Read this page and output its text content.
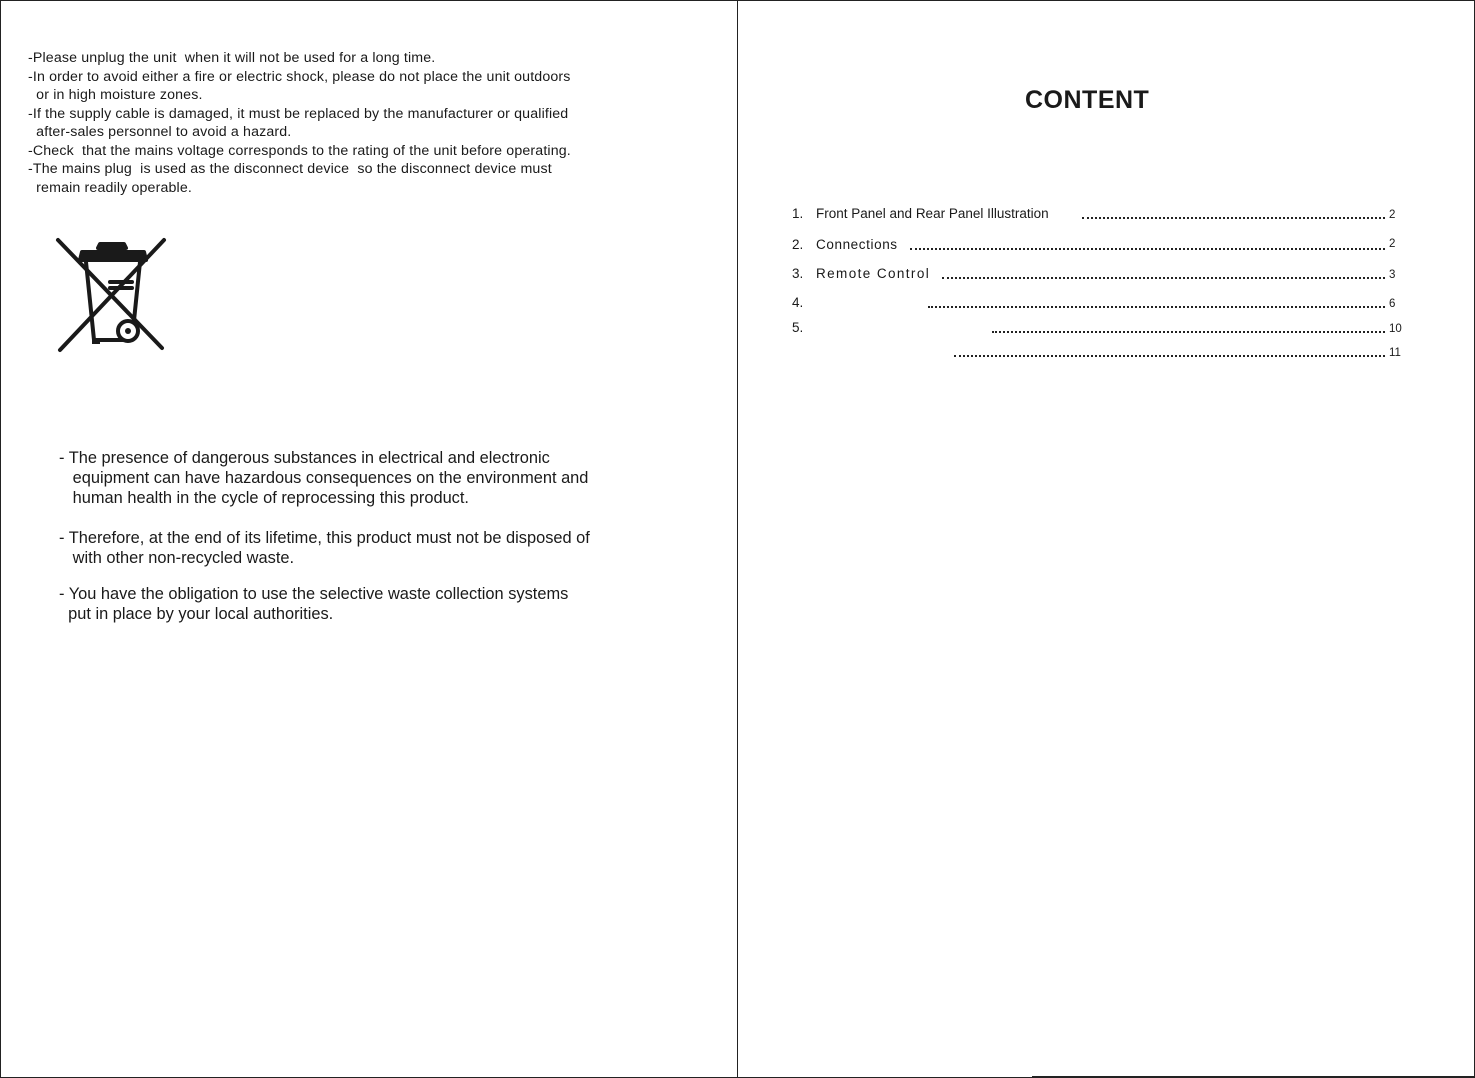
-Please unplug the unit  when it will not be used for a long time.

-In order to avoid either a fire or electric shock, please do not place the unit outdoors
or in high moisture zones.

-If the supply cable is damaged, it must be replaced by the manufacturer or qualified
after-sales personnel to avoid a hazard.

-Check  that the mains voltage corresponds to the rating of the unit before operating.

-The mains plug  is used as the disconnect device  so the disconnect device must
remain readily operable.

- The presence of dangerous substances in electrical and electronic
equipment can have hazardous consequences on the environment and
human health in the cycle of reprocessing this product.

- Therefore, at the end of its lifetime, this product must not be disposed of
with other non-recycled waste.

- You have the obligation to use the selective waste collection systems
put in place by your local authorities.

CONTENT
1. Front Panel and Rear Panel Illustration	2
2. Connections	2
3. Remote Control	3
4.	6
5.	10
11
